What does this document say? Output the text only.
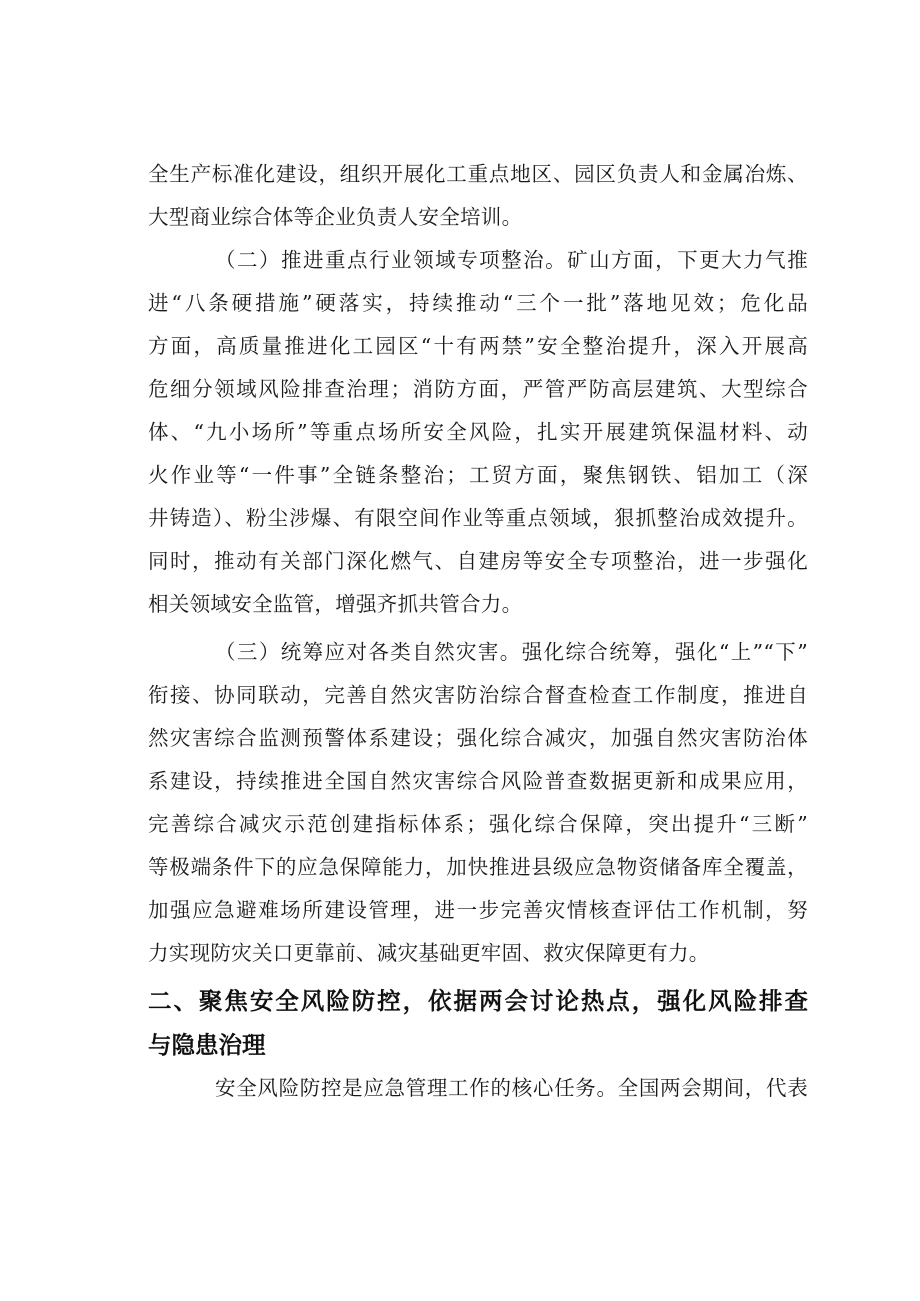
全生产标准化建设，组织开展化工重点地区、园区负责人和金属冶炼、
大型商业综合体等企业负责人安全培训。
（二）推进重点行业领域专项整治。矿山方面，下更大力气推
进“八条硬措施”硬落实，持续推动“三个一批”落地见效；危化品
方面，高质量推进化工园区“十有两禁”安全整治提升，深入开展高
危细分领域风险排查治理；消防方面，严管严防高层建筑、大型综合
体、“九小场所”等重点场所安全风险，扎实开展建筑保温材料、动
火作业等“一件事”全链条整治；工贸方面，聚焦钢铁、铝加工（深
井铸造）、粉尘涉爆、有限空间作业等重点领域，狠抓整治成效提升。
同时，推动有关部门深化燃气、自建房等安全专项整治，进一步强化
相关领域安全监管，增强齐抓共管合力。
（三）统筹应对各类自然灾害。强化综合统筹，强化“上”“下”
衔接、协同联动，完善自然灾害防治综合督查检查工作制度，推进自
然灾害综合监测预警体系建设；强化综合减灾，加强自然灾害防治体
系建设，持续推进全国自然灾害综合风险普查数据更新和成果应用，
完善综合减灾示范创建指标体系；强化综合保障，突出提升“三断”
等极端条件下的应急保障能力，加快推进县级应急物资储备库全覆盖，
加强应急避难场所建设管理，进一步完善灾情核查评估工作机制，努
力实现防灾关口更靠前、减灾基础更牢固、救灾保障更有力。
二、聚焦安全风险防控，依据两会讨论热点，强化风险排查
与隐患治理
安全风险防控是应急管理工作的核心任务。全国两会期间，代表
